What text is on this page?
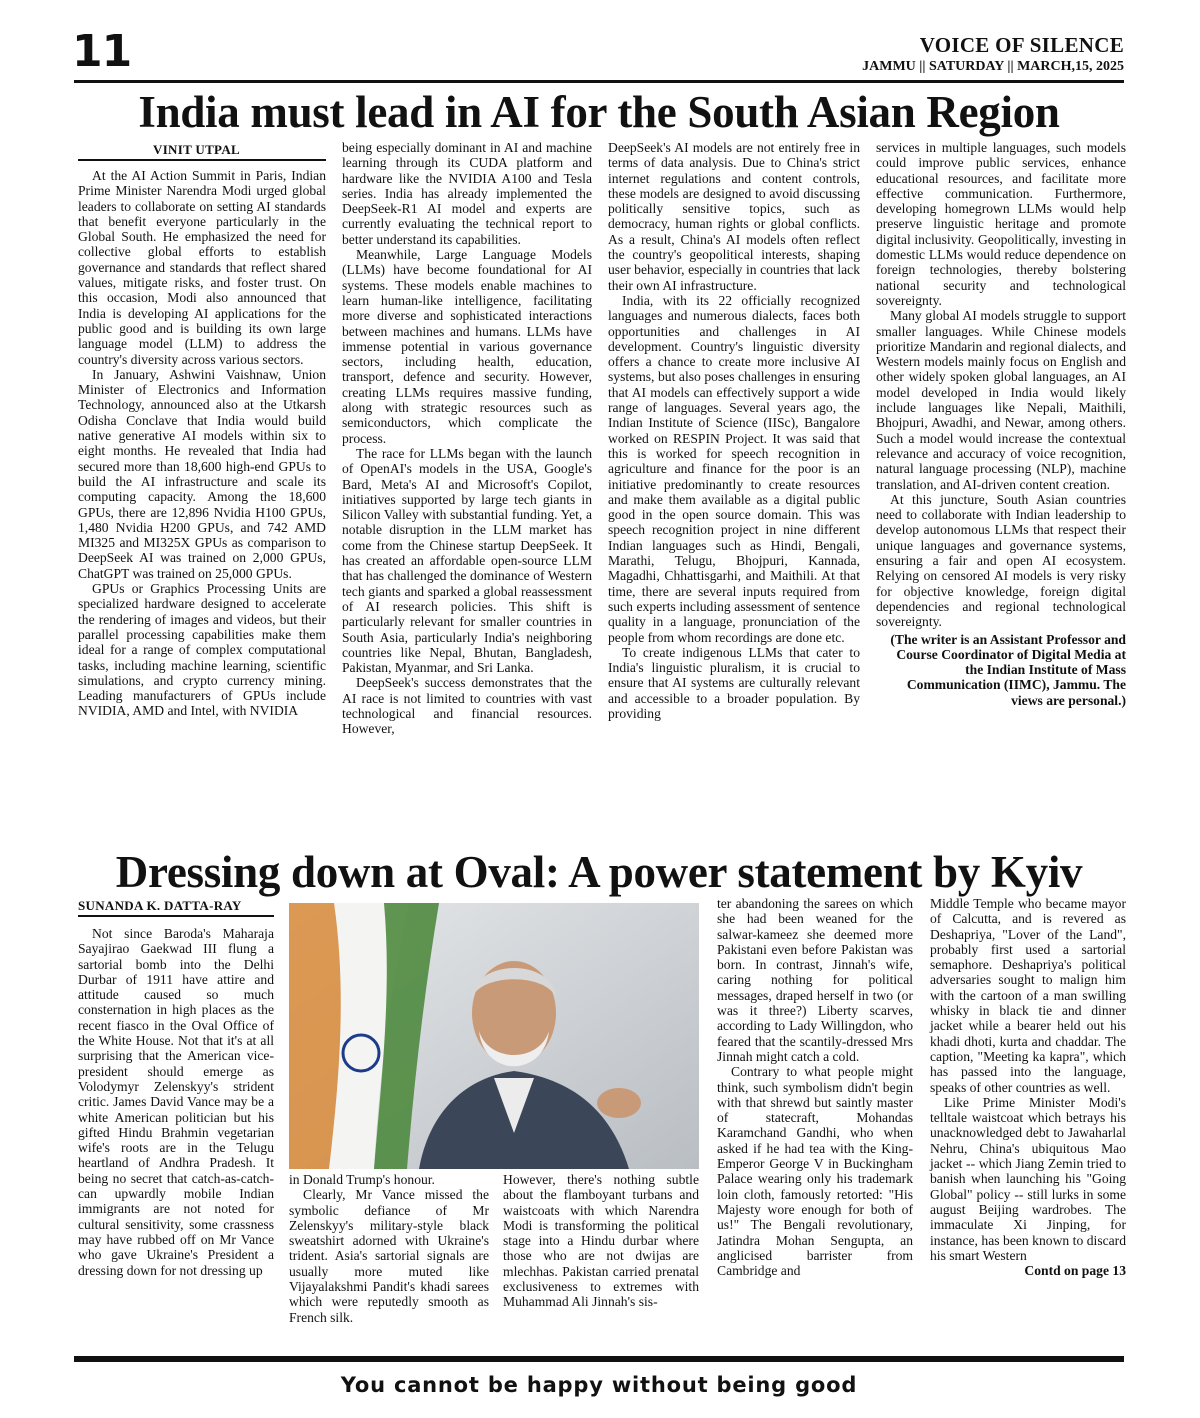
11	VOICE OF SILENCE
JAMMU || SATURDAY || MARCH,15, 2025
India must lead in AI for the South Asian Region
VINIT UTPAL

At the AI Action Summit in Paris, Indian Prime Minister Narendra Modi urged global leaders to collaborate on setting AI standards that benefit everyone particularly in the Global South. He emphasized the need for collective global efforts to establish governance and standards that reflect shared values, mitigate risks, and foster trust. On this occasion, Modi also announced that India is developing AI applications for the public good and is building its own large language model (LLM) to address the country's diversity across various sectors.

In January, Ashwini Vaishnaw, Union Minister of Electronics and Information Technology, announced also at the Utkarsh Odisha Conclave that India would build native generative AI models within six to eight months. He revealed that India had secured more than 18,600 high-end GPUs to build the AI infrastructure and scale its computing capacity. Among the 18,600 GPUs, there are 12,896 Nvidia H100 GPUs, 1,480 Nvidia H200 GPUs, and 742 AMD MI325 and MI325X GPUs as comparison to DeepSeek AI was trained on 2,000 GPUs, ChatGPT was trained on 25,000 GPUs.

GPUs or Graphics Processing Units are specialized hardware designed to accelerate the rendering of images and videos, but their parallel processing capabilities make them ideal for a range of complex computational tasks, including machine learning, scientific simulations, and crypto currency mining. Leading manufacturers of GPUs include NVIDIA, AMD and Intel, with NVIDIA

being especially dominant in AI and machine learning through its CUDA platform and hardware like the NVIDIA A100 and Tesla series. India has already implemented the DeepSeek-R1 AI model and experts are currently evaluating the technical report to better understand its capabilities.

Meanwhile, Large Language Models (LLMs) have become foundational for AI systems. These models enable machines to learn human-like intelligence, facilitating more diverse and sophisticated interactions between machines and humans. LLMs have immense potential in various governance sectors, including health, education, transport, defence and security. However, creating LLMs requires massive funding, along with strategic resources such as semiconductors, which complicate the process.

The race for LLMs began with the launch of OpenAI's models in the USA, Google's Bard, Meta's AI and Microsoft's Copilot, initiatives supported by large tech giants in Silicon Valley with substantial funding. Yet, a notable disruption in the LLM market has come from the Chinese startup DeepSeek. It has created an affordable open-source LLM that has challenged the dominance of Western tech giants and sparked a global reassessment of AI research policies. This shift is particularly relevant for smaller countries in South Asia, particularly India's neighboring countries like Nepal, Bhutan, Bangladesh, Pakistan, Myanmar, and Sri Lanka.

DeepSeek's success demonstrates that the AI race is not limited to countries with vast technological and financial resources. However,

DeepSeek's AI models are not entirely free in terms of data analysis. Due to China's strict internet regulations and content controls, these models are designed to avoid discussing politically sensitive topics, such as democracy, human rights or global conflicts. As a result, China's AI models often reflect the country's geopolitical interests, shaping user behavior, especially in countries that lack their own AI infrastructure.

India, with its 22 officially recognized languages and numerous dialects, faces both opportunities and challenges in AI development. Country's linguistic diversity offers a chance to create more inclusive AI systems, but also poses challenges in ensuring that AI models can effectively support a wide range of languages. Several years ago, the Indian Institute of Science (IISc), Bangalore worked on RESPIN Project. It was said that this is worked for speech recognition in agriculture and finance for the poor is an initiative predominantly to create resources and make them available as a digital public good in the open source domain. This was speech recognition project in nine different Indian languages such as Hindi, Bengali, Marathi, Telugu, Bhojpuri, Kannada, Magadhi, Chhattisgarhi, and Maithili. At that time, there are several inputs required from such experts including assessment of sentence quality in a language, pronunciation of the people from whom recordings are done etc.

To create indigenous LLMs that cater to India's linguistic pluralism, it is crucial to ensure that AI systems are culturally relevant and accessible to a broader population. By providing

services in multiple languages, such models could improve public services, enhance educational resources, and facilitate more effective communication. Furthermore, developing homegrown LLMs would help preserve linguistic heritage and promote digital inclusivity. Geopolitically, investing in domestic LLMs would reduce dependence on foreign technologies, thereby bolstering national security and technological sovereignty.

Many global AI models struggle to support smaller languages. While Chinese models prioritize Mandarin and regional dialects, and Western models mainly focus on English and other widely spoken global languages, an AI model developed in India would likely include languages like Nepali, Maithili, Bhojpuri, Awadhi, and Newar, among others. Such a model would increase the contextual relevance and accuracy of voice recognition, natural language processing (NLP), machine translation, and AI-driven content creation.

At this juncture, South Asian countries need to collaborate with Indian leadership to develop autonomous LLMs that respect their unique languages and governance systems, ensuring a fair and open AI ecosystem. Relying on censored AI models is very risky for objective knowledge, foreign digital dependencies and regional technological sovereignty.

(The writer is an Assistant Professor and Course Coordinator of Digital Media at the Indian Institute of Mass Communication (IIMC), Jammu. The views are personal.)

Dressing down at Oval: A power statement by Kyiv
SUNANDA K. DATTA-RAY

Not since Baroda's Maharaja Sayajirao Gaekwad III flung a sartorial bomb into the Delhi Durbar of 1911 have attire and attitude caused so much consternation in high places as the recent fiasco in the Oval Office of the White House. Not that it's at all surprising that the American vice-president should emerge as Volodymyr Zelenskyy's strident critic. James David Vance may be a white American politician but his gifted Hindu Brahmin vegetarian wife's roots are in the Telugu heartland of Andhra Pradesh. It being no secret that catch-as-catch-can upwardly mobile Indian immigrants are not noted for cultural sensitivity, some crassness may have rubbed off on Mr Vance who gave Ukraine's President a dressing down for not dressing up

in Donald Trump's honour.

Clearly, Mr Vance missed the symbolic defiance of Mr Zelenskyy's military-style black sweatshirt adorned with Ukraine's trident. Asia's sartorial signals are usually more muted like Vijayalakshmi Pandit's khadi sarees which were reputedly smooth as French silk.

However, there's nothing subtle about the flamboyant turbans and waistcoats with which Narendra Modi is transforming the political stage into a Hindu durbar where those who are not dwijas are mlechhas. Pakistan carried prenatal exclusiveness to extremes with Muhammad Ali Jinnah's sis-

ter abandoning the sarees on which she had been weaned for the salwar-kameez she deemed more Pakistani even before Pakistan was born. In contrast, Jinnah's wife, caring nothing for political messages, draped herself in two (or was it three?) Liberty scarves, according to Lady Willingdon, who feared that the scantily-dressed Mrs Jinnah might catch a cold.

Contrary to what people might think, such symbolism didn't begin with that shrewd but saintly master of statecraft, Mohandas Karamchand Gandhi, who when asked if he had tea with the King-Emperor George V in Buckingham Palace wearing only his trademark loin cloth, famously retorted: "His Majesty wore enough for both of us!" The Bengali revolutionary, Jatindra Mohan Sengupta, an anglicised barrister from Cambridge and

Middle Temple who became mayor of Calcutta, and is revered as Deshapriya, "Lover of the Land", probably first used a sartorial semaphore. Deshapriya's political adversaries sought to malign him with the cartoon of a man swilling whisky in black tie and dinner jacket while a bearer held out his khadi dhoti, kurta and chaddar. The caption, "Meeting ka kapra", which has passed into the language, speaks of other countries as well.

Like Prime Minister Modi's telltale waistcoat which betrays his unacknowledged debt to Jawaharlal Nehru, China's ubiquitous Mao jacket -- which Jiang Zemin tried to banish when launching his "Going Global" policy -- still lurks in some august Beijing wardrobes. The immaculate Xi Jinping, for instance, has been known to discard his smart Western

Contd on page 13

You cannot be happy without being good
